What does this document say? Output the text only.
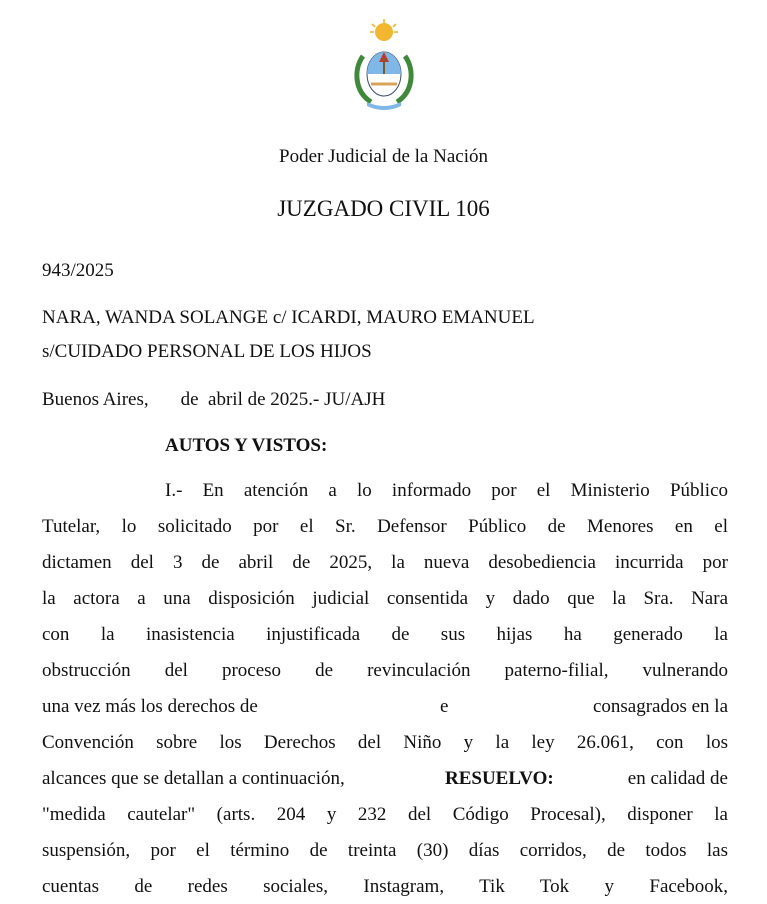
Poder Judicial de la Nación
JUZGADO CIVIL 106
943/2025
NARA, WANDA SOLANGE c/ ICARDI, MAURO EMANUEL
s/CUIDADO PERSONAL DE LOS HIJOS
Buenos Aires, de  abril de 2025.- JU/AJH
AUTOS Y VISTOS:
I.- En atención a lo informado por el Ministerio Público
Tutelar, lo solicitado por el Sr. Defensor Público de Menores en el
dictamen del 3 de abril de 2025, la nueva desobediencia incurrida por
la actora a una disposición judicial consentida y dado que la Sra. Nara
con la inasistencia injustificada de sus hijas ha generado la
obstrucción del proceso de revinculación paterno-filial, vulnerando
una vez más los derechos de	e	consagrados en la
Convención sobre los Derechos del Niño y la ley 26.061, con los
alcances que se detallan a continuación,	RESUELVO:	en calidad de
"medida cautelar" (arts. 204 y 232 del Código Procesal), disponer la
suspensión, por el término de treinta (30) días corridos, de todos las
cuentas de redes sociales, Instagram, Tik Tok y Facebook,
